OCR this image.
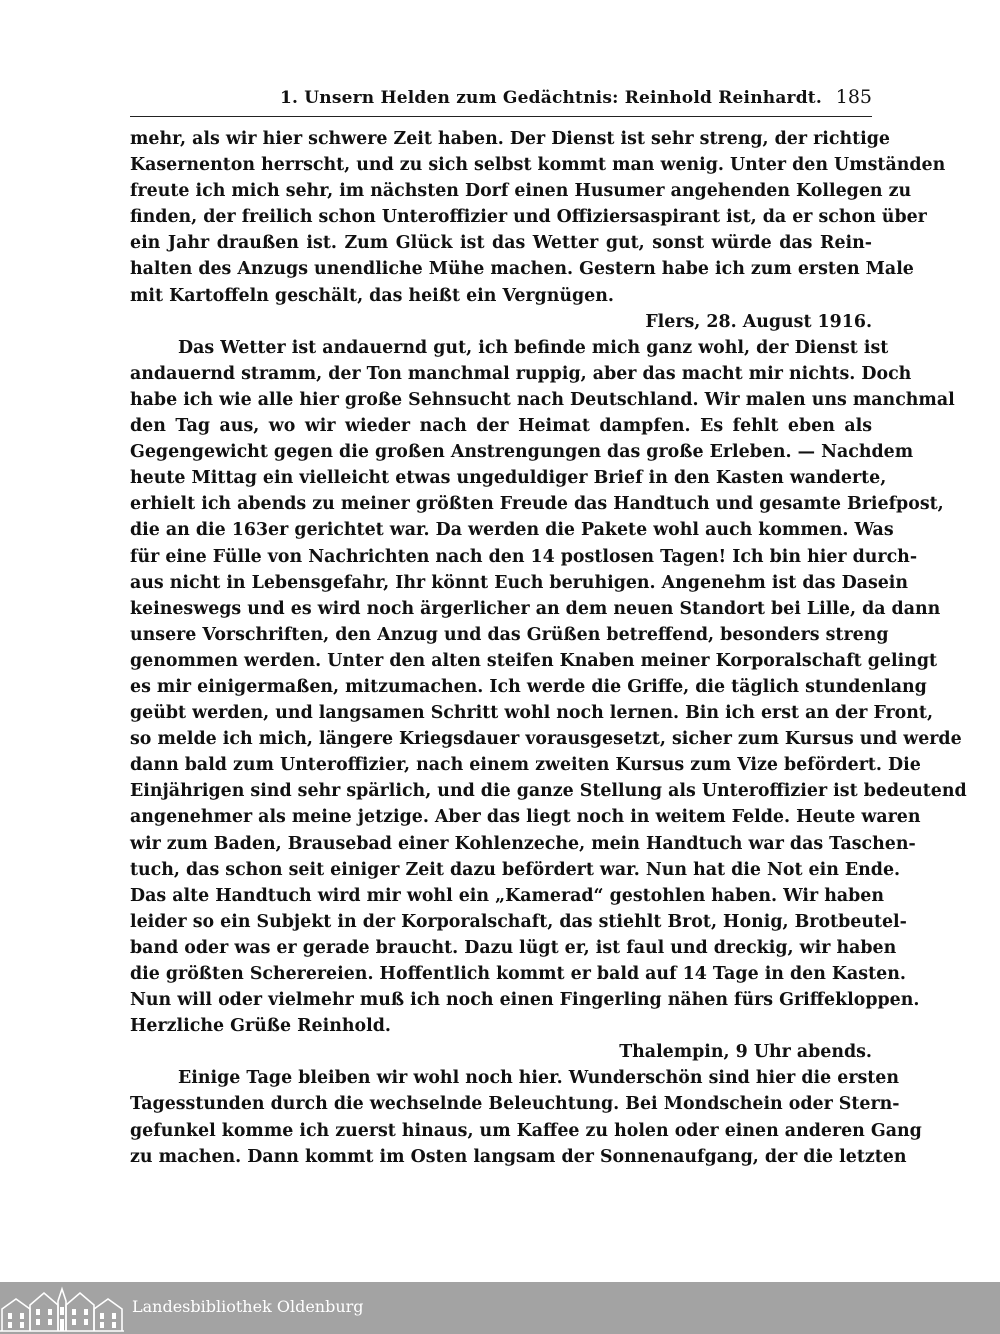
1. Unsern Helden zum Gedächtnis: Reinhold Reinhardt. 185
mehr, als wir hier schwere Zeit haben. Der Dienst ist sehr streng, der richtige
Kasernenton herrscht, und zu sich selbst kommt man wenig. Unter den Umständen
freute ich mich sehr, im nächsten Dorf einen Husumer angehenden Kollegen zu
finden, der freilich schon Unteroffizier und Offiziersaspirant ist, da er schon über
ein Jahr draußen ist. Zum Glück ist das Wetter gut, sonst würde das Rein-
halten des Anzugs unendliche Mühe machen. Gestern habe ich zum ersten Male
mit Kartoffeln geschält, das heißt ein Vergnügen.
Flers, 28. August 1916.
Das Wetter ist andauernd gut, ich befinde mich ganz wohl, der Dienst ist
andauernd stramm, der Ton manchmal ruppig, aber das macht mir nichts. Doch
habe ich wie alle hier große Sehnsucht nach Deutschland. Wir malen uns manchmal
den Tag aus, wo wir wieder nach der Heimat dampfen. Es fehlt eben als
Gegengewicht gegen die großen Anstrengungen das große Erleben. — Nachdem
heute Mittag ein vielleicht etwas ungeduldiger Brief in den Kasten wanderte,
erhielt ich abends zu meiner größten Freude das Handtuch und gesamte Briefpost,
die an die 163er gerichtet war. Da werden die Pakete wohl auch kommen. Was
für eine Fülle von Nachrichten nach den 14 postlosen Tagen! Ich bin hier durch-
aus nicht in Lebensgefahr, Ihr könnt Euch beruhigen. Angenehm ist das Dasein
keineswegs und es wird noch ärgerlicher an dem neuen Standort bei Lille, da dann
unsere Vorschriften, den Anzug und das Grüßen betreffend, besonders streng
genommen werden. Unter den alten steifen Knaben meiner Korporalschaft gelingt
es mir einigermaßen, mitzumachen. Ich werde die Griffe, die täglich stundenlang
geübt werden, und langsamen Schritt wohl noch lernen. Bin ich erst an der Front,
so melde ich mich, längere Kriegsdauer vorausgesetzt, sicher zum Kursus und werde
dann bald zum Unteroffizier, nach einem zweiten Kursus zum Vize befördert. Die
Einjährigen sind sehr spärlich, und die ganze Stellung als Unteroffizier ist bedeutend
angenehmer als meine jetzige. Aber das liegt noch in weitem Felde. Heute waren
wir zum Baden, Brausebad einer Kohlenzeche, mein Handtuch war das Taschen-
tuch, das schon seit einiger Zeit dazu befördert war. Nun hat die Not ein Ende.
Das alte Handtuch wird mir wohl ein „Kamerad“ gestohlen haben. Wir haben
leider so ein Subjekt in der Korporalschaft, das stiehlt Brot, Honig, Brotbeutel-
band oder was er gerade braucht. Dazu lügt er, ist faul und dreckig, wir haben
die größten Scherereien. Hoffentlich kommt er bald auf 14 Tage in den Kasten.
Nun will oder vielmehr muß ich noch einen Fingerling nähen fürs Griffekloppen.
Herzliche Grüße Reinhold.
Thalempin, 9 Uhr abends.
Einige Tage bleiben wir wohl noch hier. Wunderschön sind hier die ersten
Tagesstunden durch die wechselnde Beleuchtung. Bei Mondschein oder Stern-
gefunkel komme ich zuerst hinaus, um Kaffee zu holen oder einen anderen Gang
zu machen. Dann kommt im Osten langsam der Sonnenaufgang, der die letzten
Landesbibliothek Oldenburg
